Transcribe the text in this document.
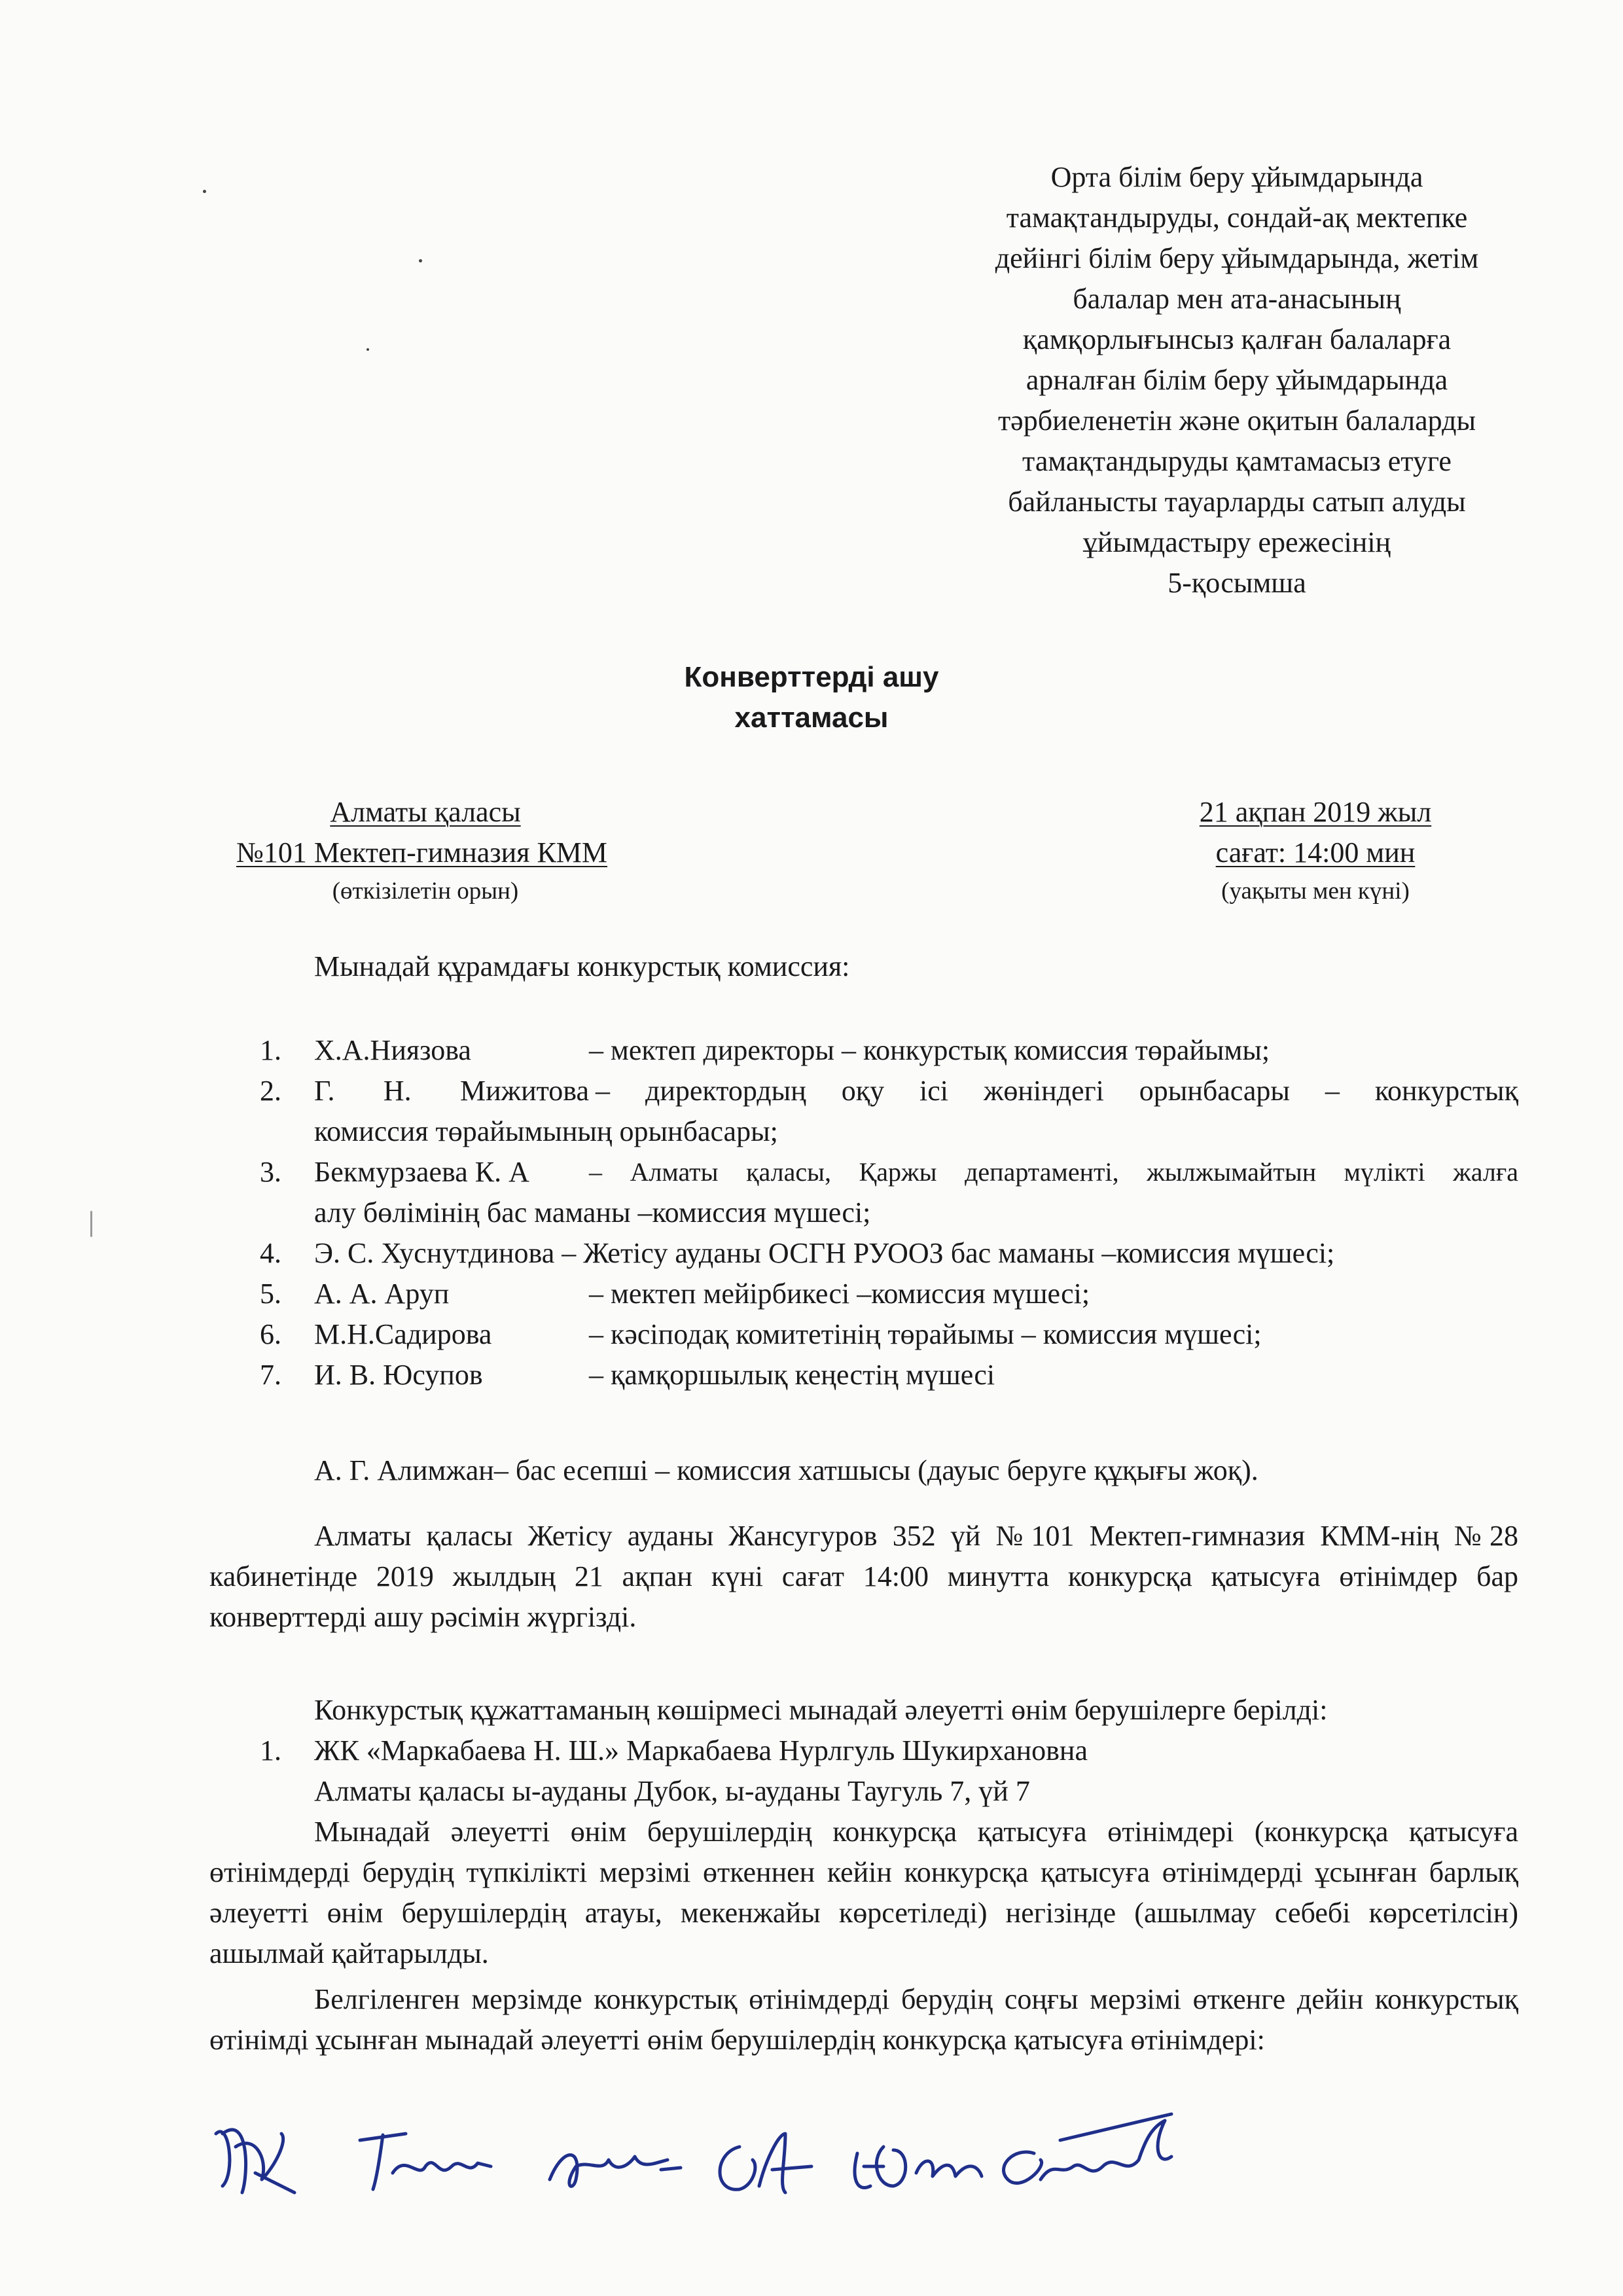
Орта білім беру ұйымдарында
тамақтандыруды, сондай-ақ мектепке
дейінгі білім беру ұйымдарында, жетім
балалар мен ата-анасының
қамқорлығынсыз қалған балаларға
арналған білім беру ұйымдарында
тәрбиеленетін және оқитын балаларды
тамақтандыруды қамтамасыз етуге
байланысты тауарларды сатып алуды
ұйымдастыру ережесінің
5-қосымша
Конверттерді ашу
хаттамасы
Алматы қаласы
№101 Мектеп-гимназия КММ
(өткізілетін орын)
21 ақпан 2019 жыл
сағат: 14:00 мин
(уақыты мен күні)
Мынадай құрамдағы конкурстық комиссия:
1. Х.А.Ниязова	– мектеп директоры – конкурстық комиссия төрайымы;
2. Г. Н. Мижитова – директордың оқу ісі жөніндегі орынбасары – конкурстық
комиссия төрайымының орынбасары;
3. Бекмурзаева К. А	– Алматы қаласы, Қаржы департаменті, жылжымайтын мүлікті жалға
алу бөлімінің бас маманы –комиссия мүшесі;
4. Э. С. Хуснутдинова – Жетісу ауданы ОСГН РУООЗ бас маманы –комиссия мүшесі;
5. А. А. Аруп	– мектеп мейірбикесі –комиссия мүшесі;
6. М.Н.Садирова	– кәсіподақ комитетінің төрайымы – комиссия мүшесі;
7. И. В. Юсупов	– қамқоршылық кеңестің мүшесі
А. Г. Алимжан– бас есепші – комиссия хатшысы (дауыс беруге құқығы жоқ).
Алматы қаласы Жетісу ауданы Жансугуров 352 үй №101 Мектеп-гимназия КММ-нің №28 кабинетінде 2019 жылдың 21 ақпан күні сағат 14:00 минутта конкурсқа қатысуға өтінімдер бар конверттерді ашу рәсімін жүргізді.
Конкурстық құжаттаманың көшірмесі мынадай әлеуетті өнім берушілерге берілді:
1. ЖК «Маркабаева Н. Ш.» Маркабаева Нурлгуль Шукирхановна
Алматы қаласы ы-ауданы Дубок, ы-ауданы Таугуль 7, үй 7
Мынадай әлеуетті өнім берушілердің конкурсқа қатысуға өтінімдері (конкурсқа қатысуға өтінімдерді берудің түпкілікті мерзімі өткеннен кейін конкурсқа қатысуға өтінімдерді ұсынған барлық әлеуетті өнім берушілердің атауы, мекенжайы көрсетіледі) негізінде (ашылмау себебі көрсетілсін) ашылмай қайтарылды.
Белгіленген мерзімде конкурстық өтінімдерді берудің соңғы мерзімі өткенге дейін конкурстық өтінімді ұсынған мынадай әлеуетті өнім берушілердің конкурсқа қатысуға өтінімдері:
